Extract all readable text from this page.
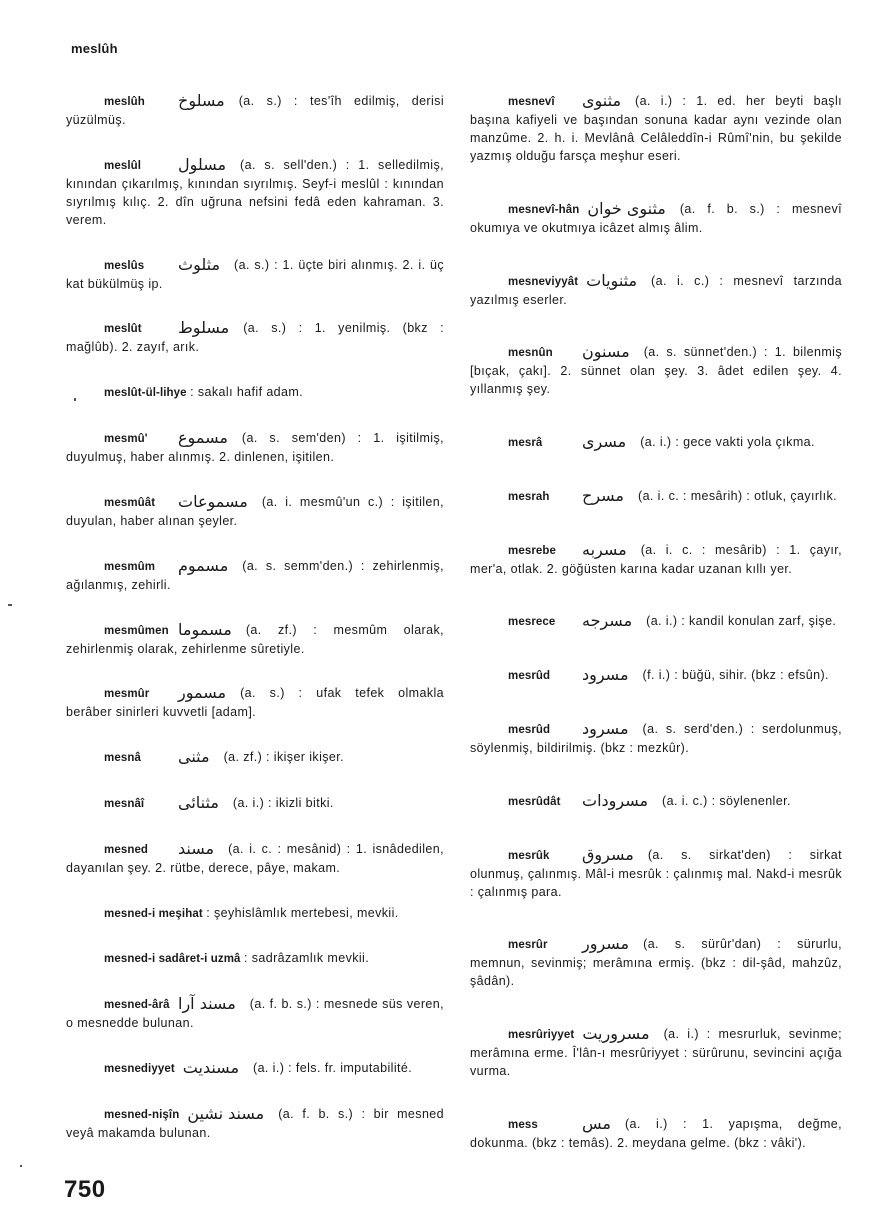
meslûh
meslûh مسلوخ (a. s.) : tes'îh edilmiş, derisi yüzülmüş.
meslûl مسلول (a. s. sell'den.) : 1. selledilmiş, kınından çıkarılmış, kınından sıyrılmış. Seyf-i meslûl : kınından sıyrılmış kılıç. 2. dîn uğruna nefsini fedâ eden kahraman. 3. verem.
meslûs مثلوث (a. s.) : 1. üçte biri alınmış. 2. i. üç kat bükülmüş ip.
meslût مسلوط (a. s.) : 1. yenilmiş. (bkz : mağlûb). 2. zayıf, arık.
meslût-ül-lihye : sakalı hafif adam.
mesmû' مسموع (a. s. sem'den) : 1. işitilmiş, duyulmuş, haber alınmış. 2. dinlenen, işitilen.
mesmûât مسموعات (a. i. mesmû'un c.) : işitilen, duyulan, haber alınan şeyler.
mesmûm مسموم (a. s. semm'den.) : zehirlenmiş, ağılanmış, zehirli.
mesmûmen مسموما (a. zf.) : mesmûm olarak, zehirlenmiş olarak, zehirlenme sûretiyle.
mesmûr مسمور (a. s.) : ufak tefek olmakla berâber sinirleri kuvvetli [adam].
mesnâ مثنى (a. zf.) : ikişer ikişer.
mesnâî مثنائى (a. i.) : ikizli bitki.
mesned مسند (a. i. c. : mesânid) : 1. isnâdedilen, dayanılan şey. 2. rütbe, derece, pâye, makam.
mesned-i meşihat : şeyhislâmlık mertebesi, mevkii.
mesned-i sadâret-i uzmâ : sadrâzamlık mevkii.
mesned-ârâ مسند آرا (a. f. b. s.) : mesnede süs veren, o mesnedde bulunan.
mesnediyyet مسنديت (a. i.) : fels. fr. imputabilité.
mesned-nişîn مسند نشين (a. f. b. s.) : bir mesned veyâ makamda bulunan.
mesnevî مثنوى (a. i.) : 1. ed. her beyti başlı başına kafiyeli ve başından sonuna kadar aynı vezinde olan manzûme. 2. h. i. Mevlânâ Celâleddîn-i Rûmî'nin, bu şekilde yazmış olduğu farsça meşhur eseri.
mesnevî-hân مثنوى خوان (a. f. b. s.) : mesnevî okumıya ve okutmıya icâzet almış âlim.
mesneviyyât مثنويات (a. i. c.) : mesnevî tarzında yazılmış eserler.
mesnûn مسنون (a. s. sünnet'den.) : 1. bilenmiş [bıçak, çakı]. 2. sünnet olan şey. 3. âdet edilen şey. 4. yıllanmış şey.
mesrâ مسرى (a. i.) : gece vakti yola çıkma.
mesrah مسرح (a. i. c. : mesârih) : otluk, çayırlık.
mesrebe مسربه (a. i. c. : mesârib) : 1. çayır, mer'a, otlak. 2. göğüsten karına kadar uzanan kıllı yer.
mesrece مسرجه (a. i.) : kandil konulan zarf, şişe.
mesrûd مسرود (f. i.) : büğü, sihir. (bkz : efsûn).
mesrûd مسرود (a. s. serd'den.) : serdolunmuş, söylenmiş, bildirilmiş. (bkz : mezkûr).
mesrûdât مسرودات (a. i. c.) : söylenenler.
mesrûk مسروق (a. s. sirkat'den) : sirkat olunmuş, çalınmış. Mâl-i mesrûk : çalınmış mal. Nakd-i mesrûk : çalınmış para.
mesrûr مسرور (a. s. sürûr'dan) : sürurlu, memnun, sevinmiş; merâmına ermiş. (bkz : dil-şâd, mahzûz, şâdân).
mesrûriyyet مسروريت (a. i.) : mesrurluk, sevinme; merâmına erme. Î'lân-ı mesrûriyyet : sürûrunu, sevincini açığa vurma.
mess	مس (a. i.) : 1. yapışma, değme, dokunma. (bkz : temâs). 2. meydana gelme. (bkz : vâki').
750
